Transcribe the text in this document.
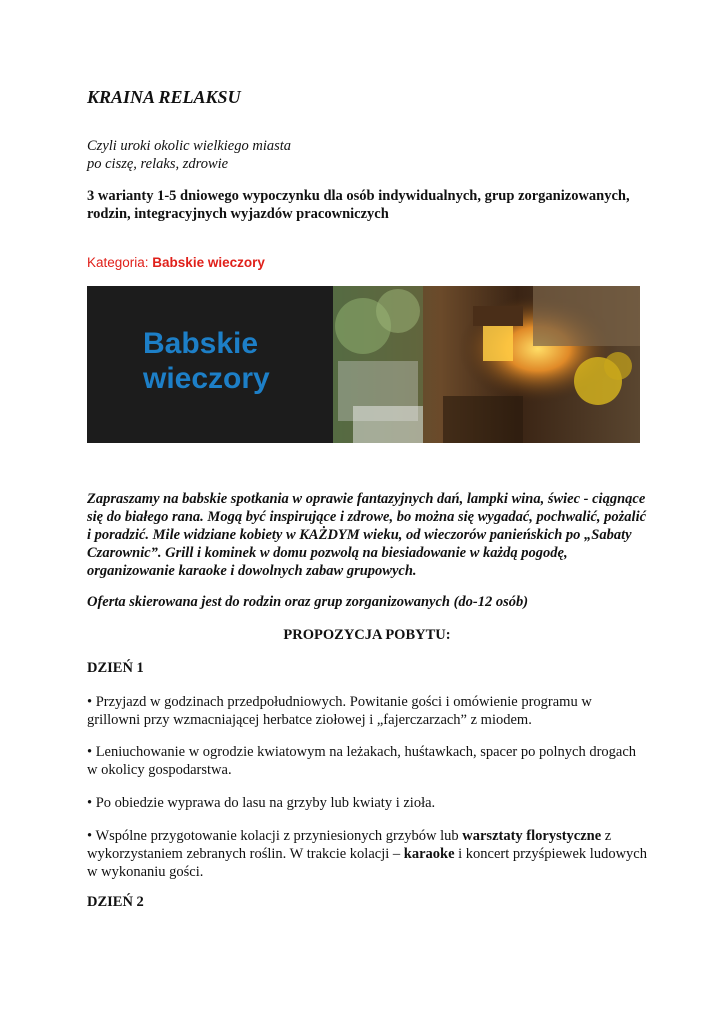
KRAINA RELAKSU
Czyli uroki okolic wielkiego miasta
po ciszę, relaks, zdrowie
3 warianty 1-5 dniowego wypoczynku dla osób indywidualnych, grup zorganizowanych, rodzin, integracyjnych wyjazdów pracowniczych
Kategoria: Babskie wieczory
Babskie
wieczory
Zapraszamy na babskie spotkania w oprawie fantazyjnych dań, lampki wina, świec - ciągnące się do białego rana. Mogą być inspirujące i zdrowe, bo można się wygadać, pochwalić, pożalić i poradzić. Mile widziane kobiety w KAŻDYM wieku, od wieczorów panieńskich po „Sabaty Czarownic”. Grill i kominek w domu pozwolą na biesiadowanie w każdą pogodę, organizowanie karaoke i dowolnych zabaw grupowych.
Oferta skierowana jest do rodzin oraz grup zorganizowanych (do-12 osób)
PROPOZYCJA POBYTU:
DZIEŃ 1
• Przyjazd w godzinach przedpołudniowych. Powitanie gości i omówienie programu w grillowni przy wzmacniającej herbatce ziołowej i „fajerczarzach” z miodem.
• Leniuchowanie w ogrodzie kwiatowym na leżakach, huśtawkach, spacer po polnych drogach w okolicy gospodarstwa.
• Po obiedzie wyprawa do lasu na grzyby lub kwiaty i zioła.
• Wspólne przygotowanie kolacji z przyniesionych grzybów lub warsztaty florystyczne z wykorzystaniem zebranych roślin. W trakcie kolacji – karaoke i koncert przyśpiewek ludowych w wykonaniu gości.
DZIEŃ 2
